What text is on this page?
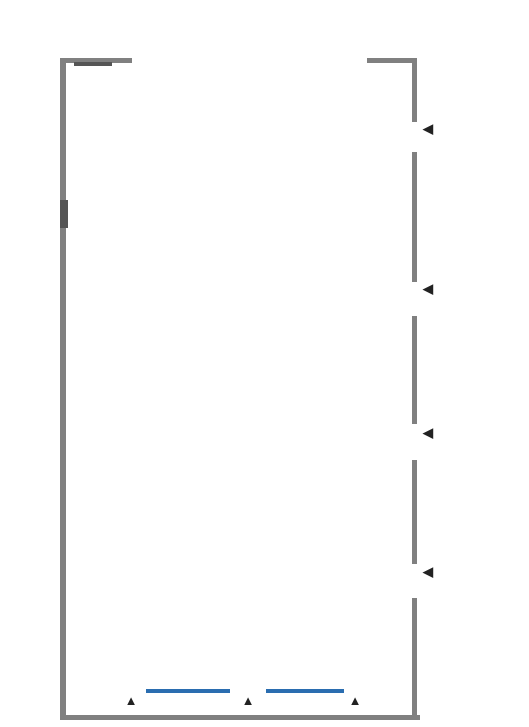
◀
◀
◀
◀
▲	▲	▲
